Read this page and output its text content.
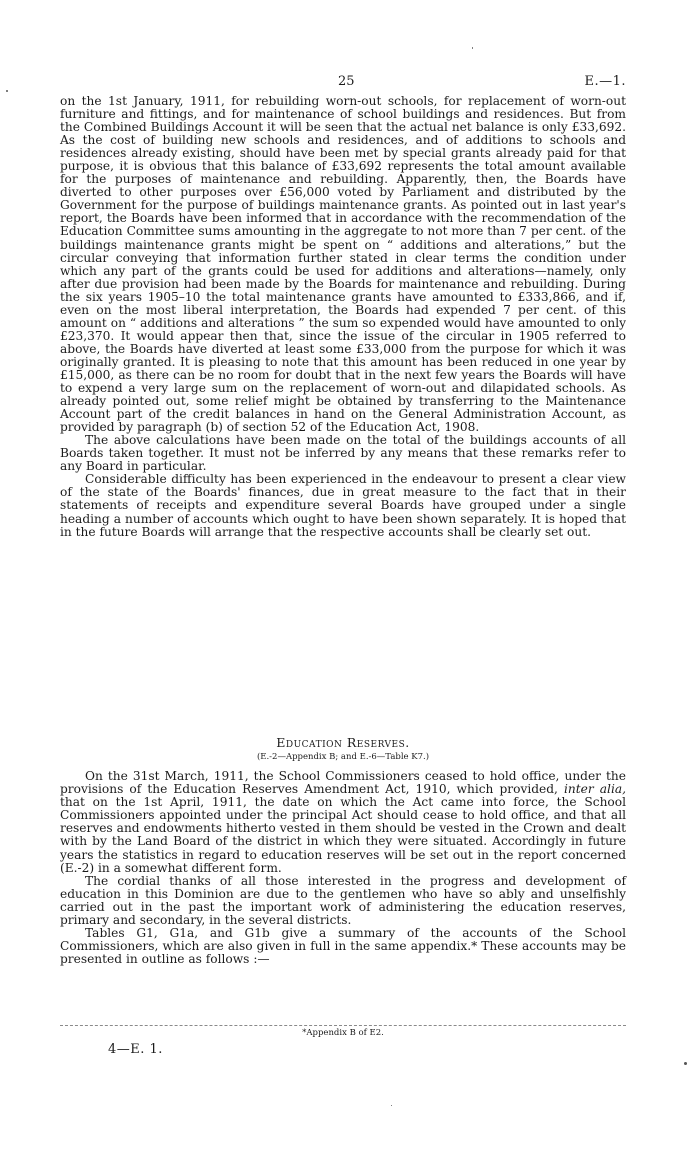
25	E.—1.

on the 1st January, 1911, for rebuilding worn-out schools, for replacement of worn-out furniture and fittings, and for maintenance of school buildings and residences. But from the Combined Buildings Account it will be seen that the actual net balance is only £33,692. As the cost of building new schools and residences, and of additions to schools and residences already existing, should have been met by special grants already paid for that purpose, it is obvious that this balance of £33,692 represents the total amount available for the purposes of maintenance and rebuilding. Apparently, then, the Boards have diverted to other purposes over £56,000 voted by Parliament and distributed by the Government for the purpose of buildings maintenance grants. As pointed out in last year's report, the Boards have been informed that in accordance with the recommendation of the Education Committee sums amounting in the aggregate to not more than 7 per cent. of the buildings maintenance grants might be spent on “ additions and alterations,” but the circular conveying that information further stated in clear terms the condition under which any part of the grants could be used for additions and alterations—namely, only after due provision had been made by the Boards for maintenance and rebuilding. During the six years 1905–10 the total maintenance grants have amounted to £333,866, and if, even on the most liberal interpretation, the Boards had expended 7 per cent. of this amount on “ additions and alterations ” the sum so expended would have amounted to only £23,370. It would appear then that, since the issue of the circular in 1905 referred to above, the Boards have diverted at least some £33,000 from the purpose for which it was originally granted. It is pleasing to note that this amount has been reduced in one year by £15,000, as there can be no room for doubt that in the next few years the Boards will have to expend a very large sum on the replacement of worn-out and dilapidated schools. As already pointed out, some relief might be obtained by transferring to the Maintenance Account part of the credit balances in hand on the General Administration Account, as provided by paragraph (b) of section 52 of the Education Act, 1908.

The above calculations have been made on the total of the buildings accounts of all Boards taken together. It must not be inferred by any means that these remarks refer to any Board in particular.

Considerable difficulty has been experienced in the endeavour to present a clear view of the state of the Boards' finances, due in great measure to the fact that in their statements of receipts and expenditure several Boards have grouped under a single heading a number of accounts which ought to have been shown separately. It is hoped that in the future Boards will arrange that the respective accounts shall be clearly set out.

Education Reserves.
(E.-2—Appendix B; and E.-6—Table K7.)

On the 31st March, 1911, the School Commissioners ceased to hold office, under the provisions of the Education Reserves Amendment Act, 1910, which provided, inter alia, that on the 1st April, 1911, the date on which the Act came into force, the School Commissioners appointed under the principal Act should cease to hold office, and that all reserves and endowments hitherto vested in them should be vested in the Crown and dealt with by the Land Board of the district in which they were situated. Accordingly in future years the statistics in regard to education reserves will be set out in the report concerned (E.-2) in a somewhat different form.

The cordial thanks of all those interested in the progress and development of education in this Dominion are due to the gentlemen who have so ably and unselfishly carried out in the past the important work of administering the education reserves, primary and secondary, in the several districts.

Tables G1, G1a, and G1b give a summary of the accounts of the School Commissioners, which are also given in full in the same appendix.* These accounts may be presented in outline as follows :—

*Appendix B of E2.
4—E. 1.
